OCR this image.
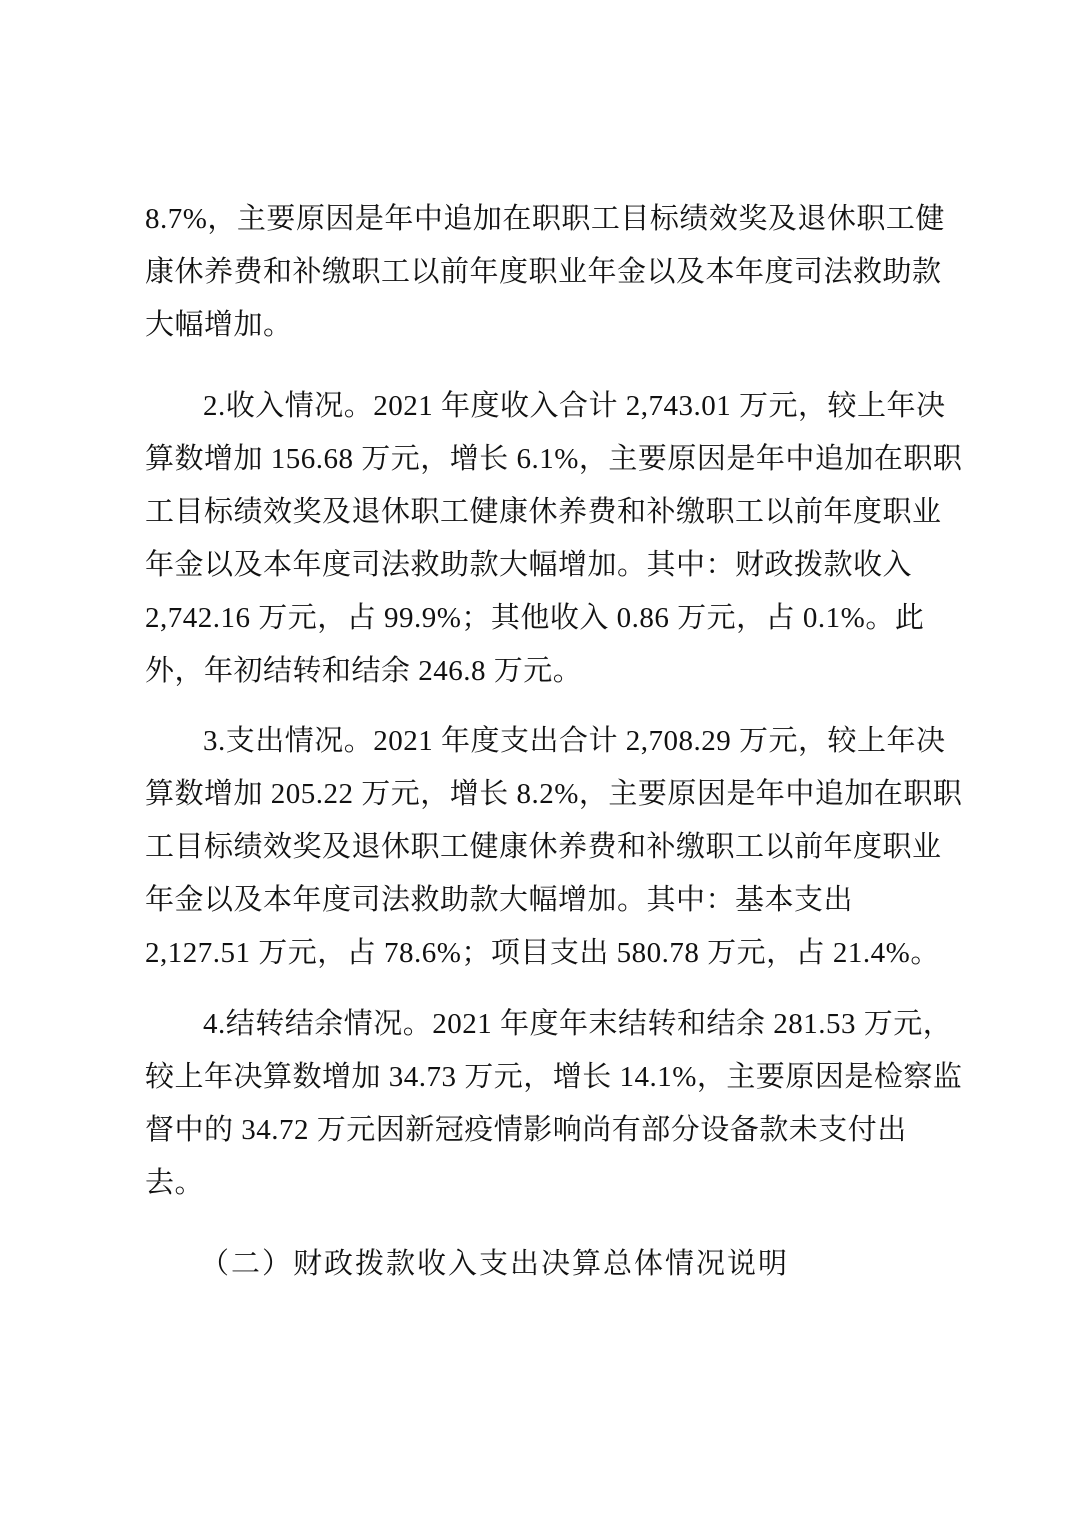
8.7%，主要原因是年中追加在职职工目标绩效奖及退休职工健
康休养费和补缴职工以前年度职业年金以及本年度司法救助款
大幅增加。
2.收入情况。2021 年度收入合计 2,743.01 万元，较上年决
算数增加 156.68 万元，增长 6.1%，主要原因是年中追加在职职
工目标绩效奖及退休职工健康休养费和补缴职工以前年度职业
年金以及本年度司法救助款大幅增加。其中：财政拨款收入
2,742.16 万元，占 99.9%；其他收入 0.86 万元，占 0.1%。此
外，年初结转和结余 246.8 万元。
3.支出情况。2021 年度支出合计 2,708.29 万元，较上年决
算数增加 205.22 万元，增长 8.2%，主要原因是年中追加在职职
工目标绩效奖及退休职工健康休养费和补缴职工以前年度职业
年金以及本年度司法救助款大幅增加。其中：基本支出
2,127.51 万元，占 78.6%；项目支出 580.78 万元，占 21.4%。
4.结转结余情况。2021 年度年末结转和结余 281.53 万元，
较上年决算数增加 34.73 万元，增长 14.1%，主要原因是检察监
督中的 34.72 万元因新冠疫情影响尚有部分设备款未支付出
去。
（二）财政拨款收入支出决算总体情况说明
